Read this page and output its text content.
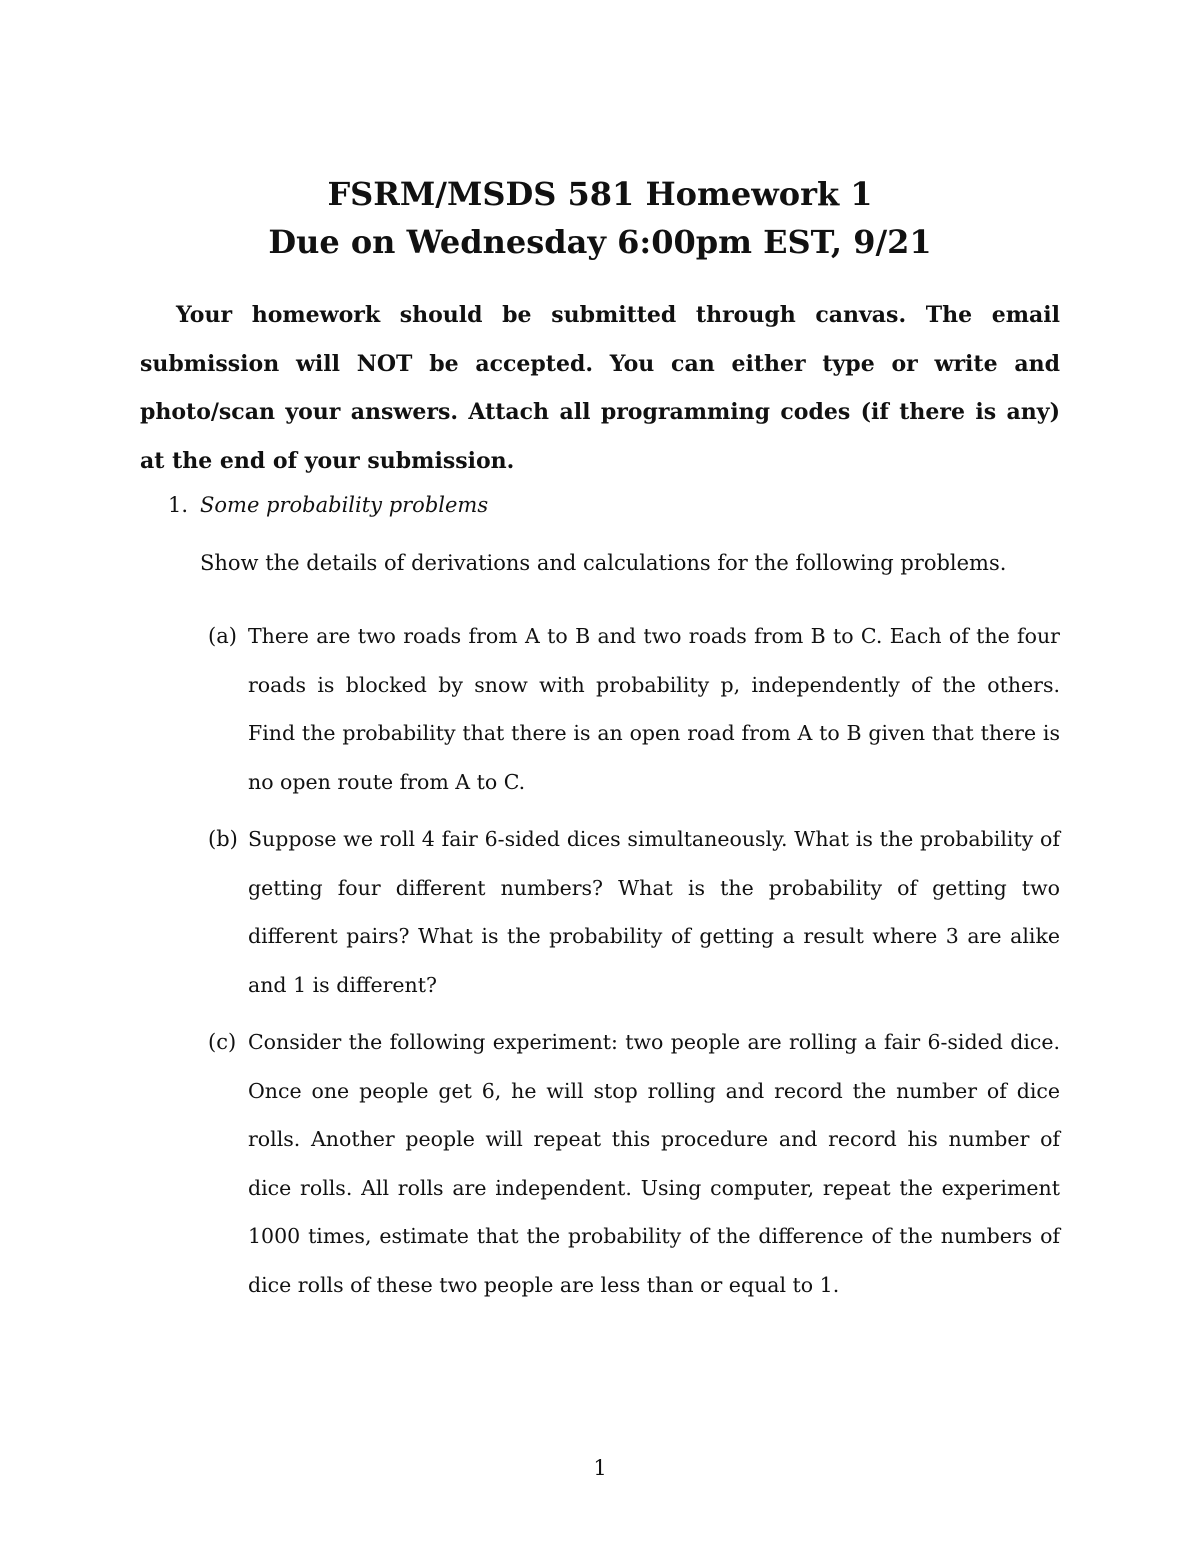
FSRM/MSDS 581 Homework 1
Due on Wednesday 6:00pm EST, 9/21

Your homework should be submitted through canvas. The email submission will NOT be accepted. You can either type or write and photo/scan your answers. Attach all programming codes (if there is any) at the end of your submission.

1. Some probability problems

Show the details of derivations and calculations for the following problems.

(a) There are two roads from A to B and two roads from B to C. Each of the four roads is blocked by snow with probability p, independently of the others. Find the probability that there is an open road from A to B given that there is no open route from A to C.

(b) Suppose we roll 4 fair 6-sided dices simultaneously. What is the probability of getting four different numbers? What is the probability of getting two different pairs? What is the probability of getting a result where 3 are alike and 1 is different?

(c) Consider the following experiment: two people are rolling a fair 6-sided dice. Once one people get 6, he will stop rolling and record the number of dice rolls. Another people will repeat this procedure and record his number of dice rolls. All rolls are independent. Using computer, repeat the experiment 1000 times, estimate that the probability of the difference of the numbers of dice rolls of these two people are less than or equal to 1.

1
